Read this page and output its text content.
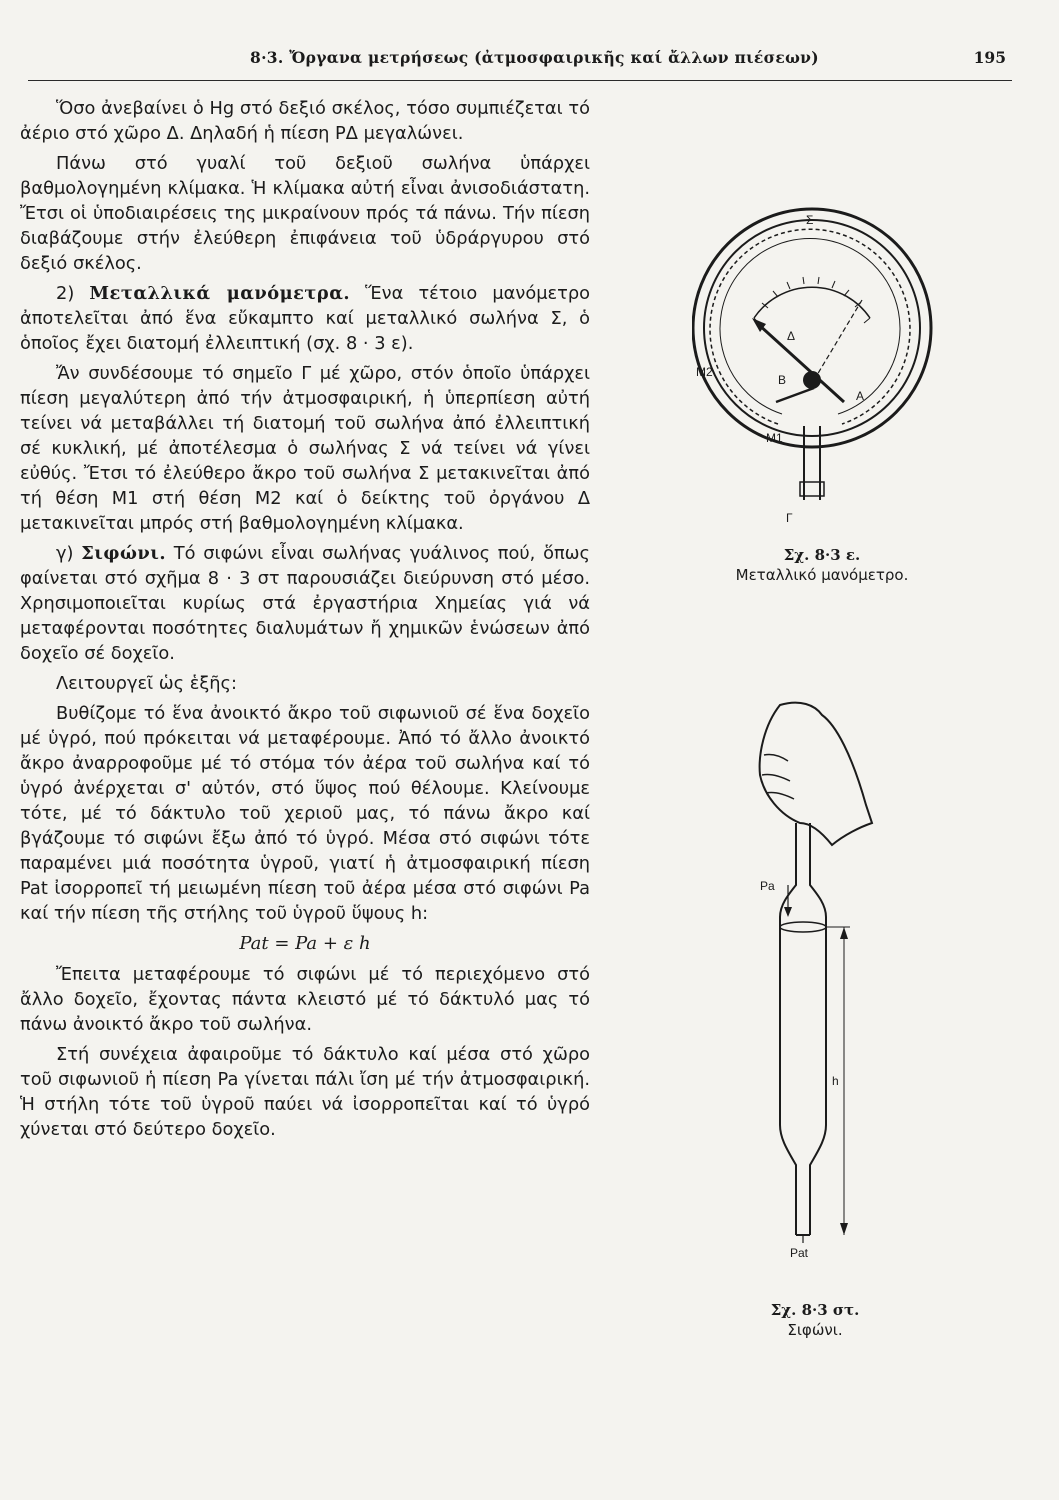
8·3. Ὄργανα μετρήσεως (ἀτμοσφαιρικῆς καί ἄλλων πιέσεων)	195

Ὅσο ἀνεβαίνει ὁ Hg στό δεξιό σκέλος, τόσο συμπιέζεται τό ἀέριο στό χῶρο Δ. Δηλαδή ἡ πίεση PΔ μεγαλώνει.

Πάνω στό γυαλί τοῦ δεξιοῦ σωλήνα ὑπάρχει βαθμολογημένη κλίμακα. Ἡ κλίμακα αὐτή εἶναι ἀνισοδιάστατη. Ἔτσι οἱ ὑποδιαιρέσεις της μικραίνουν πρός τά πάνω. Τήν πίεση διαβάζουμε στήν ἐλεύθερη ἐπιφάνεια τοῦ ὑδράργυρου στό δεξιό σκέλος.

2) Μεταλλικά μανόμετρα. Ἕνα τέτοιο μανόμετρο ἀποτελεῖται ἀπό ἕνα εὔκαμπτο καί μεταλλικό σωλήνα Σ, ὁ ὁποῖος ἔχει διατομή ἐλλειπτική (σχ. 8 · 3 ε).

Ἄν συνδέσουμε τό σημεῖο Γ μέ χῶρο, στόν ὁποῖο ὑπάρχει πίεση μεγαλύτερη ἀπό τήν ἀτμοσφαιρική, ἡ ὑπερπίεση αὐτή τείνει νά μεταβάλλει τή διατομή τοῦ σωλήνα ἀπό ἐλλειπτική σέ κυκλική, μέ ἀποτέλεσμα ὁ σωλήνας Σ νά τείνει νά γίνει εὐθύς. Ἔτσι τό ἐλεύθερο ἄκρο τοῦ σωλήνα Σ μετακινεῖται ἀπό τή θέση M1 στή θέση M2 καί ὁ δείκτης τοῦ ὀργάνου Δ μετακινεῖται μπρός στή βαθμολογημένη κλίμακα.

γ) Σιφώνι. Τό σιφώνι εἶναι σωλήνας γυάλινος πού, ὅπως φαίνεται στό σχῆμα 8 · 3 στ παρουσιάζει διεύρυνση στό μέσο. Χρησιμοποιεῖται κυρίως στά ἐργαστήρια Χημείας γιά νά μεταφέρονται ποσότητες διαλυμάτων ἤ χημικῶν ἑνώσεων ἀπό δοχεῖο σέ δοχεῖο.

Λειτουργεῖ ὡς ἑξῆς:

Βυθίζομε τό ἕνα ἀνοικτό ἄκρο τοῦ σιφωνιοῦ σέ ἕνα δοχεῖο μέ ὑγρό, πού πρόκειται νά μεταφέρουμε. Ἀπό τό ἄλλο ἀνοικτό ἄκρο ἀναρροφοῦμε μέ τό στόμα τόν ἀέρα τοῦ σωλήνα καί τό ὑγρό ἀνέρχεται σ' αὐτόν, στό ὕψος πού θέλουμε. Κλείνουμε τότε, μέ τό δάκτυλο τοῦ χεριοῦ μας, τό πάνω ἄκρο καί βγάζουμε τό σιφώνι ἔξω ἀπό τό ὑγρό. Μέσα στό σιφώνι τότε παραμένει μιά ποσότητα ὑγροῦ, γιατί ἡ ἀτμοσφαιρική πίεση Pat ἰσορροπεῖ τή μειωμένη πίεση τοῦ ἀέρα μέσα στό σιφώνι Pa καί τήν πίεση τῆς στήλης τοῦ ὑγροῦ ὕψους h:

Pat = Pa + ε h

Ἔπειτα μεταφέρουμε τό σιφώνι μέ τό περιεχόμενο στό ἄλλο δοχεῖο, ἔχοντας πάντα κλειστό μέ τό δάκτυλό μας τό πάνω ἀνοικτό ἄκρο τοῦ σωλήνα.

Στή συνέχεια ἀφαιροῦμε τό δάκτυλο καί μέσα στό χῶρο τοῦ σιφωνιοῦ ἡ πίεση Pa γίνεται πάλι ἴση μέ τήν ἀτμοσφαιρική. Ἡ στήλη τότε τοῦ ὑγροῦ παύει νά ἰσορροπεῖται καί τό ὑγρό χύνεται στό δεύτερο δοχεῖο.

Σ
Δ
M2
B
A
M1
Γ
Σχ. 8·3 ε.
Μεταλλικό μανόμετρο.
Pa
h
Pat
Σχ. 8·3 στ.
Σιφώνι.
